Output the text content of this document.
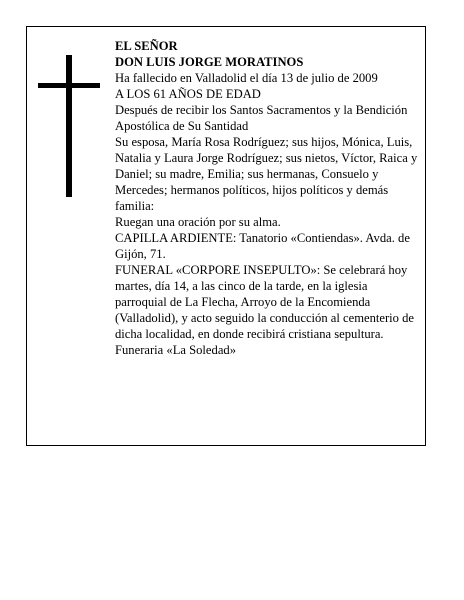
EL SEÑOR

DON LUIS JORGE MORATINOS

Ha fallecido en Valladolid el día 13 de julio de 2009

A LOS 61 AÑOS DE EDAD

Después de recibir los Santos Sacramentos y la Bendición Apostólica de Su Santidad

Su esposa, María Rosa Rodríguez; sus hijos, Mónica, Luis, Natalia y Laura Jorge Rodríguez; sus nietos, Víctor, Raica y Daniel; su madre, Emilia; sus hermanas, Consuelo y Mercedes; hermanos políticos, hijos políticos y demás familia:

Ruegan una oración por su alma.

CAPILLA ARDIENTE: Tanatorio «Contiendas». Avda. de Gijón, 71.

FUNERAL «CORPORE INSEPULTO»: Se celebrará hoy martes, día 14, a las cinco de la tarde, en la iglesia parroquial de La Flecha, Arroyo de la Encomienda (Valladolid), y acto seguido la conducción al cementerio de dicha localidad, en donde recibirá cristiana sepultura.

Funeraria «La Soledad»
